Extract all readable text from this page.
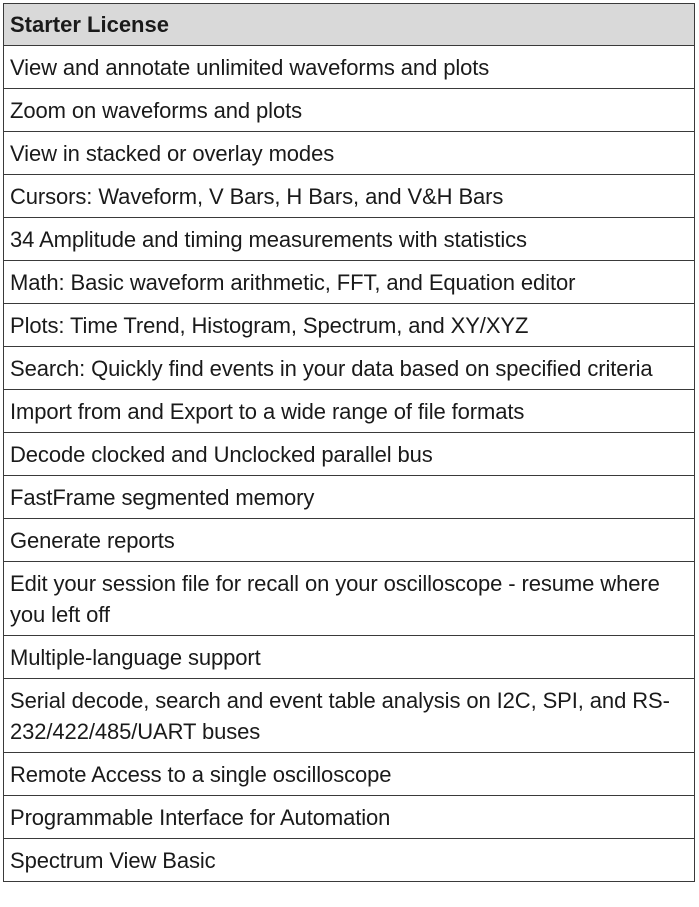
Starter License
View and annotate unlimited waveforms and plots
Zoom on waveforms and plots
View in stacked or overlay modes
Cursors: Waveform, V Bars, H Bars, and V&H Bars
34 Amplitude and timing measurements with statistics
Math: Basic waveform arithmetic, FFT, and Equation editor
Plots: Time Trend, Histogram, Spectrum, and XY/XYZ
Search: Quickly find events in your data based on specified criteria
Import from and Export to a wide range of file formats
Decode clocked and Unclocked parallel bus
FastFrame segmented memory
Generate reports
Edit your session file for recall on your oscilloscope - resume where you left off
Multiple-language support
Serial decode, search and event table analysis on I2C, SPI, and RS-232/422/485/UART buses
Remote Access to a single oscilloscope
Programmable Interface for Automation
Spectrum View Basic
